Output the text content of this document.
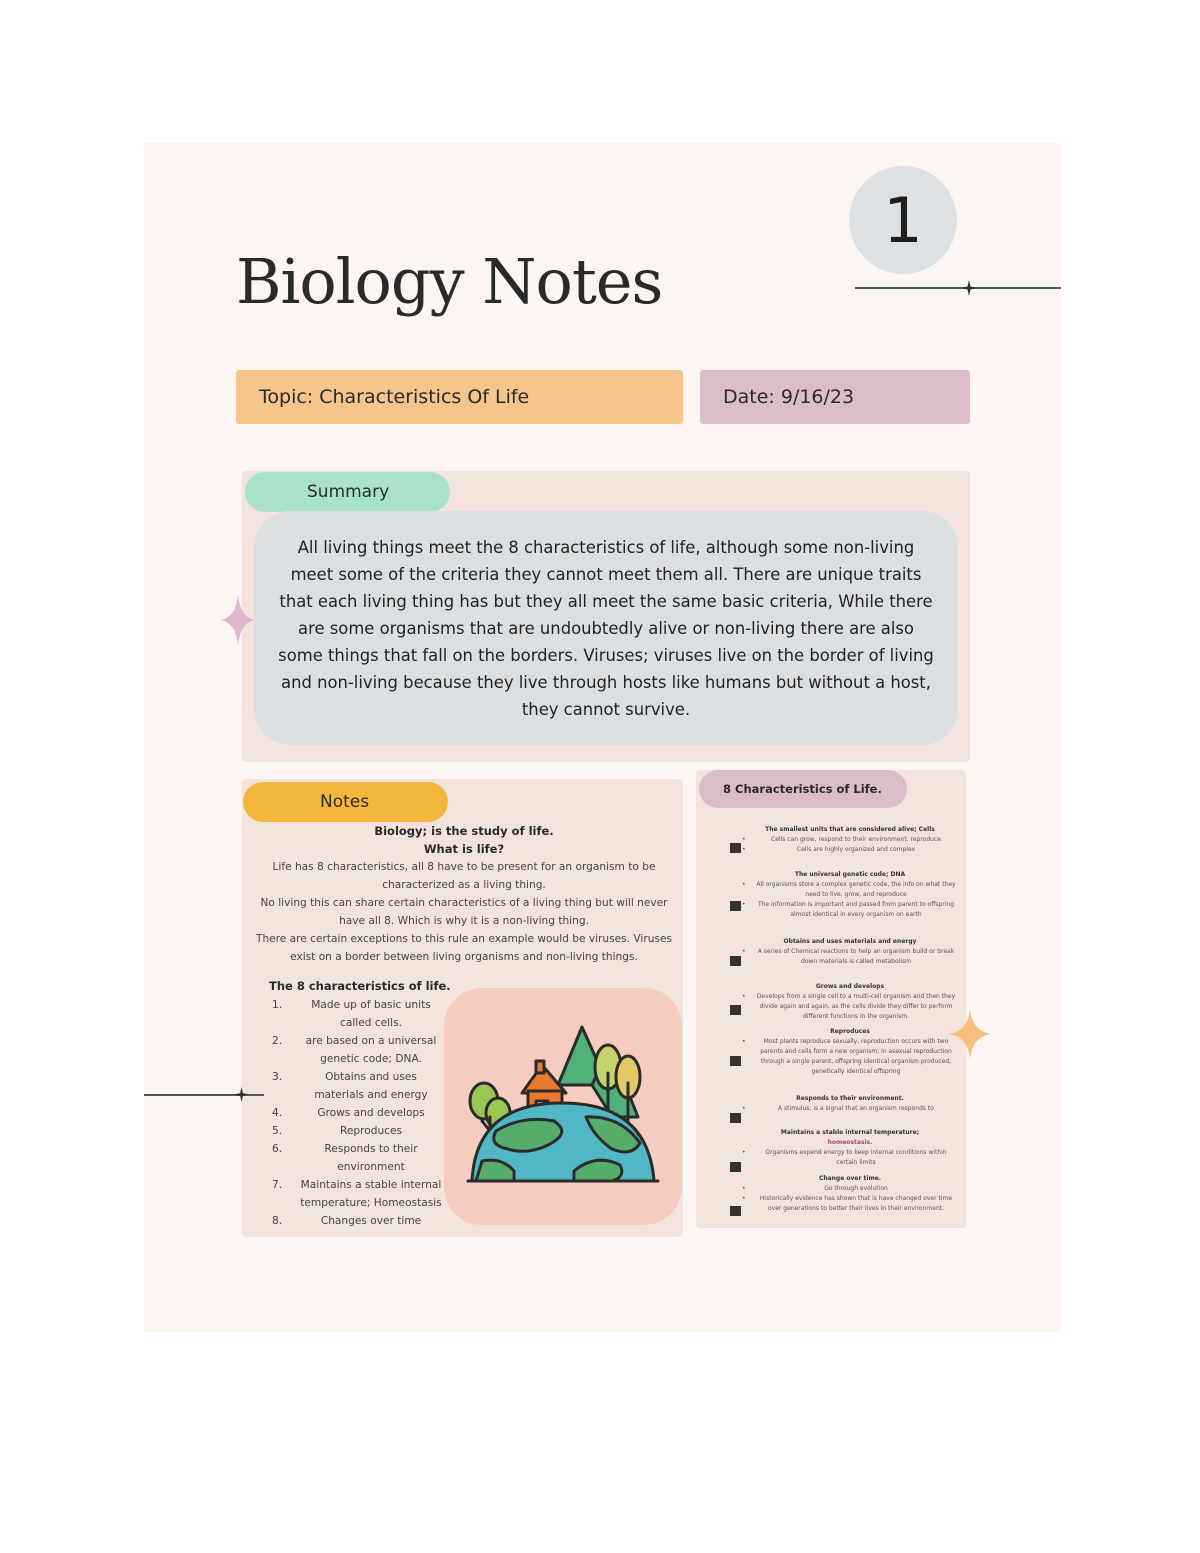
Biology Notes
1
Topic: Characteristics Of Life	Date: 9/16/23
Summary
All living things meet the 8 characteristics of life, although some non-living meet some of the criteria they cannot meet them all. There are unique traits that each living thing has but they all meet the same basic criteria, While there are some organisms that are undoubtedly alive or non-living there are also some things that fall on the borders. Viruses; viruses live on the border of living and non-living because they live through hosts like humans but without a host, they cannot survive.
Notes
Biology; is the study of life.
What is life?
Life has 8 characteristics, all 8 have to be present for an organism to be characterized as a living thing.
No living this can share certain characteristics of a living thing but will never have all 8. Which is why it is a non-living thing.
There are certain exceptions to this rule an example would be viruses. Viruses exist on a border between living organisms and non-living things.
The 8 characteristics of life.
1.	Made up of basic units called cells.
2.	are based on a universal genetic code; DNA.
3.	Obtains and uses materials and energy
4.	Grows and develops
5.	Reproduces
6.	Responds to their environment
7.	Maintains a stable internal temperature; Homeostasis
8.	Changes over time
8 Characteristics of Life.
The smallest units that are considered alive; Cells
•	Cells can grow, respond to their environment, reproduce
•	Cells are highly organized and complex
The universal genetic code; DNA
•	All organisms store a complex genetic code, the info on what they need to live, grow, and reproduce
•	The information is important and passed from parent to offspring almost identical in every organism on earth
Obtains and uses materials and energy
•	A series of Chemical reactions to help an organism build or break down materials is called metabolism
Grows and develops
•	Develops from a single cell to a multi-cell organism and then they divide again and again, as the cells divide they differ to perform different functions in the organism.
Reproduces
•	Most plants reproduce sexually, reproduction occurs with two parents and cells form a new organism; in asexual reproduction through a single parent, offspring identical organism produced, genetically identical offspring
Responds to their environment.
•	A stimulus; is a signal that an organism responds to
Maintains a stable internal temperature;
homeostasis.
•	Organisms expend energy to keep internal conditions within certain limits
Change over time.
•	Go through evolution
•	Historically evidence has shown that is have changed over time over generations to better their lives in their environment.
